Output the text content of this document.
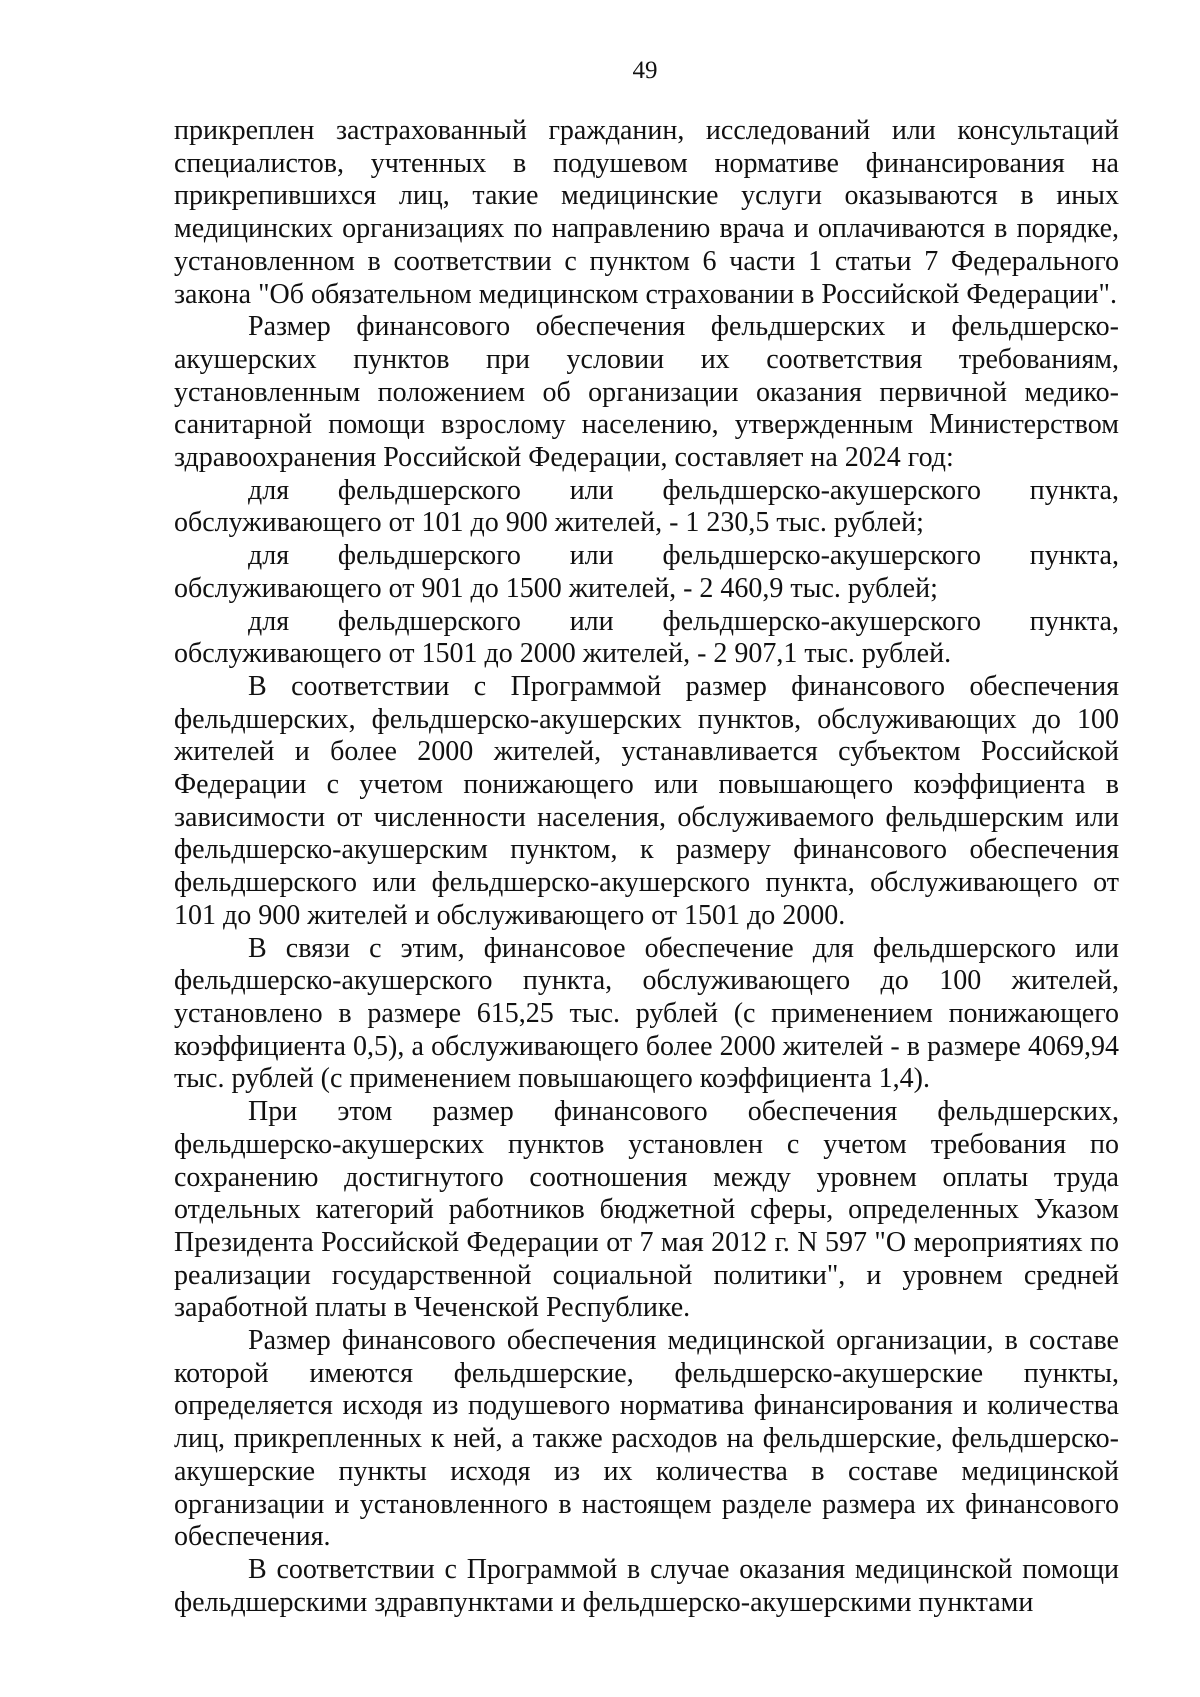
49

прикреплен застрахованный гражданин, исследований или консультаций специалистов, учтенных в подушевом нормативе финансирования на прикрепившихся лиц, такие медицинские услуги оказываются в иных медицинских организациях по направлению врача и оплачиваются в порядке, установленном в соответствии с пунктом 6 части 1 статьи 7 Федерального закона "Об обязательном медицинском страховании в Российской Федерации".

Размер финансового обеспечения фельдшерских и фельдшерско-акушерских пунктов при условии их соответствия требованиям, установленным положением об организации оказания первичной медико-санитарной помощи взрослому населению, утвержденным Министерством здравоохранения Российской Федерации, составляет на 2024 год:

для фельдшерского или фельдшерско-акушерского пункта, обслуживающего от 101 до 900 жителей, - 1 230,5 тыс. рублей;

для фельдшерского или фельдшерско-акушерского пункта, обслуживающего от 901 до 1500 жителей, - 2 460,9 тыс. рублей;

для фельдшерского или фельдшерско-акушерского пункта, обслуживающего от 1501 до 2000 жителей, - 2 907,1 тыс. рублей.

В соответствии с Программой размер финансового обеспечения фельдшерских, фельдшерско-акушерских пунктов, обслуживающих до 100 жителей и более 2000 жителей, устанавливается субъектом Российской Федерации с учетом понижающего или повышающего коэффициента в зависимости от численности населения, обслуживаемого фельдшерским или фельдшерско-акушерским пунктом, к размеру финансового обеспечения фельдшерского или фельдшерско-акушерского пункта, обслуживающего от 101 до 900 жителей и обслуживающего от 1501 до 2000.

В связи с этим, финансовое обеспечение для фельдшерского или фельдшерско-акушерского пункта, обслуживающего до 100 жителей, установлено в размере 615,25 тыс. рублей (с применением понижающего коэффициента 0,5), а обслуживающего более 2000 жителей - в размере 4069,94 тыс. рублей (с применением повышающего коэффициента 1,4).

При этом размер финансового обеспечения фельдшерских, фельдшерско-акушерских пунктов установлен с учетом требования по сохранению достигнутого соотношения между уровнем оплаты труда отдельных категорий работников бюджетной сферы, определенных Указом Президента Российской Федерации от 7 мая 2012 г. N 597 "О мероприятиях по реализации государственной социальной политики", и уровнем средней заработной платы в Чеченской Республике.

Размер финансового обеспечения медицинской организации, в составе которой имеются фельдшерские, фельдшерско-акушерские пункты, определяется исходя из подушевого норматива финансирования и количества лиц, прикрепленных к ней, а также расходов на фельдшерские, фельдшерско-акушерские пункты исходя из их количества в составе медицинской организации и установленного в настоящем разделе размера их финансового обеспечения.

В соответствии с Программой в случае оказания медицинской помощи фельдшерскими здравпунктами и фельдшерско-акушерскими пунктами
